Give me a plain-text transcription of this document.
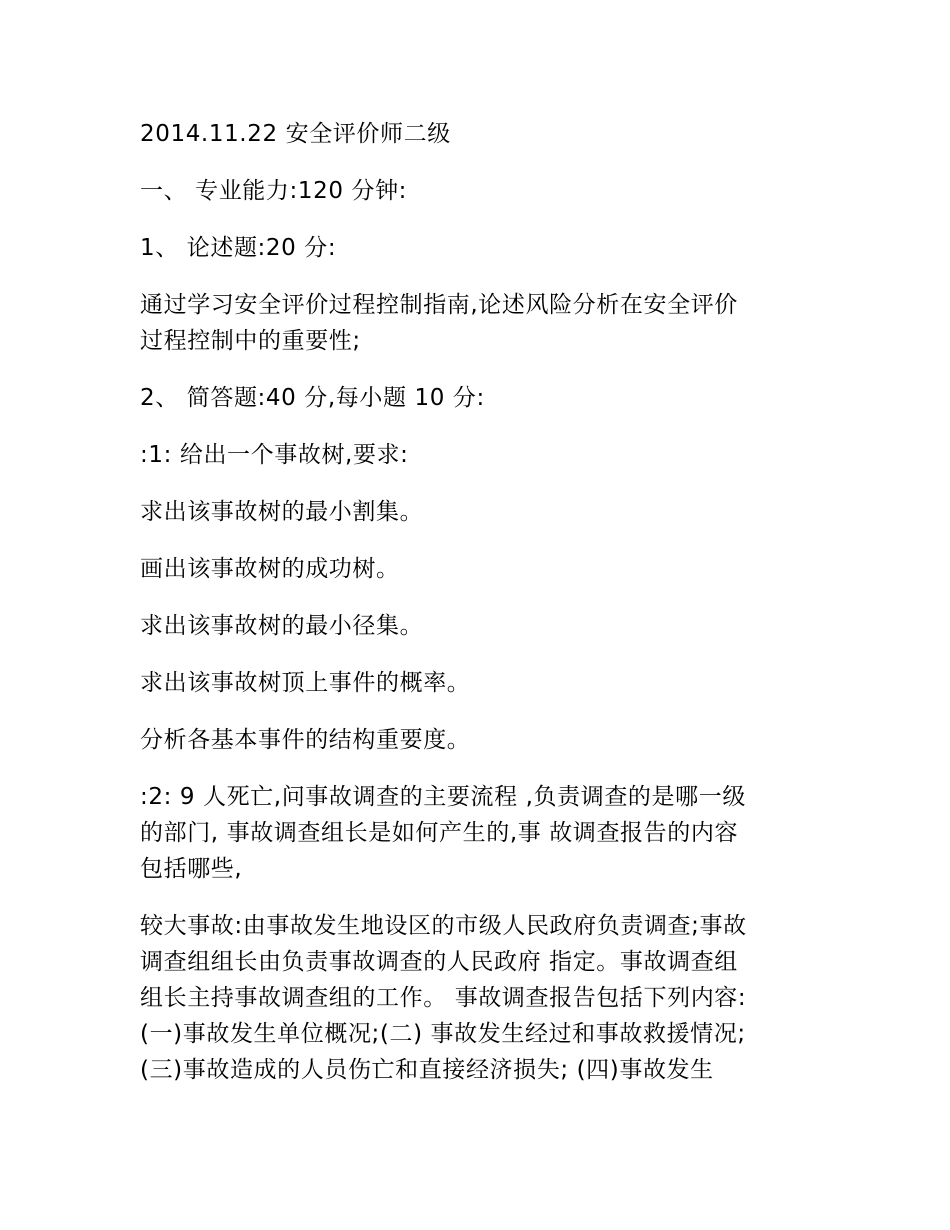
2014.11.22 安全评价师二级

一、 专业能力:120 分钟:

1、 论述题:20 分:

通过学习安全评价过程控制指南,论述风险分析在安全评价
过程控制中的重要性;

2、 简答题:40 分,每小题 10 分:

:1: 给出一个事故树,要求:

求出该事故树的最小割集。

画出该事故树的成功树。

求出该事故树的最小径集。

求出该事故树顶上事件的概率。

分析各基本事件的结构重要度。

:2: 9 人死亡,问事故调查的主要流程 ,负责调查的是哪一级
的部门, 事故调查组长是如何产生的,事 故调查报告的内容
包括哪些,

较大事故:由事故发生地设区的市级人民政府负责调查;事故
调查组组长由负责事故调查的人民政府 指定。事故调查组
组长主持事故调查组的工作。 事故调查报告包括下列内容:
(一)事故发生单位概况;(二) 事故发生经过和事故救援情况;
(三)事故造成的人员伤亡和直接经济损失; (四)事故发生
